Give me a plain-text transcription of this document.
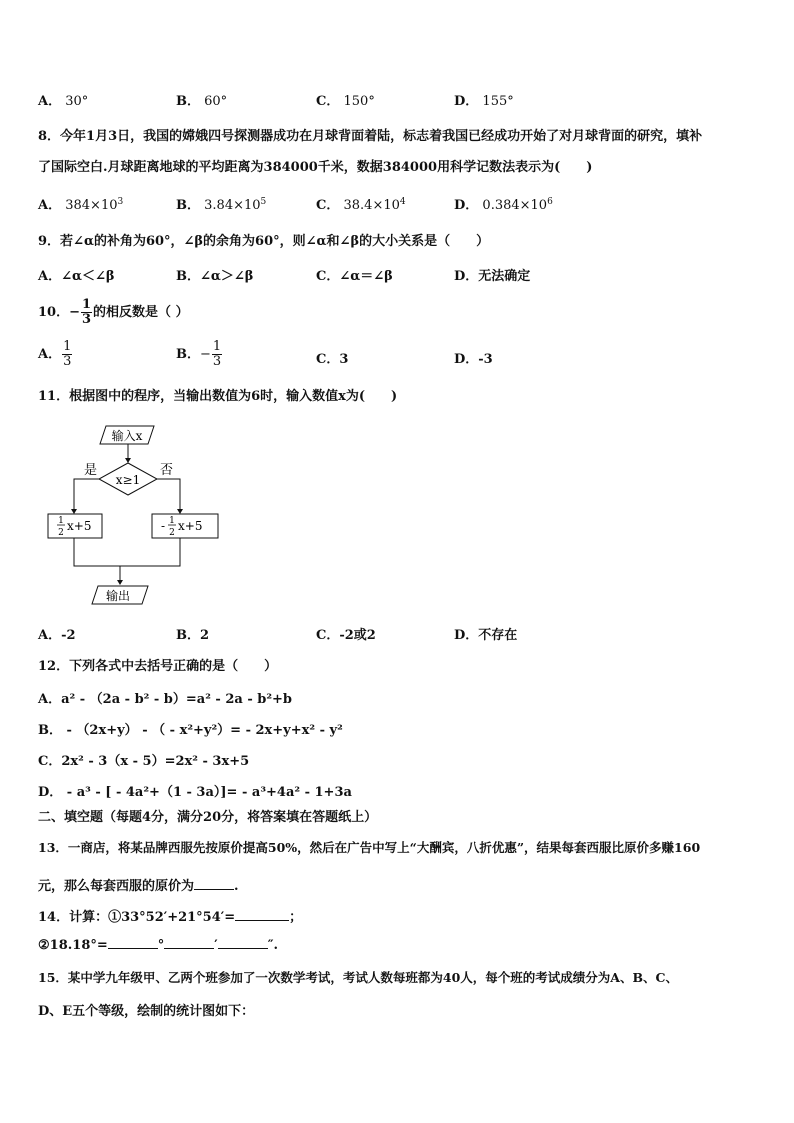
A． 30°	B． 60°	C． 150°	D． 155°
8．今年1月3日，我国的嫦娥四号探测器成功在月球背面着陆，标志着我国已经成功开始了对月球背面的研究，填补
了国际空白.月球距离地球的平均距离为384000千米，数据384000用科学记数法表示为(　　)
A． $384\times 10^3$	B． $3.84\times 10^5$	C． $38.4\times 10^4$	D． $0.384\times 10^6$
9．若∠α的补角为60°，∠β的余角为60°，则∠α和∠β的大小关系是（　　）
A．∠α＜∠β	B．∠α＞∠β	C．∠α＝∠β	D．无法确定
10．− $\frac{1}{3}$ 的相反数是（ ）
A． $\frac{1}{3}$	B．− $\frac{1}{3}$	C．3	D．-3
11．根据图中的程序，当输出数值为6时，输入数值x为(　　)
输入x
x≥1
是	否
1
2 x+5	- 1
2 x+5
输出
A．-2	B．2	C．-2或2	D．不存在
12．下列各式中去括号正确的是（　　）
A．a² - （2a - b² - b）=a² - 2a - b²+b
B． - （2x+y） - （ - x²+y²）= - 2x+y+x² - y²
C．2x² - 3（x - 5）=2x² - 3x+5
D． - a³ - [ - 4a²+（1 - 3a）]= - a³+4a² - 1+3a
二、填空题（每题4分，满分20分，将答案填在答题纸上）
13．一商店，将某品牌西服先按原价提高50%，然后在广告中写上“大酬宾，八折优惠”，结果每套西服比原价多赚160
元，那么每套西服的原价为	.
14．计算：①33°52′+21°54′=	；
②18.18°=	°	′	″.
15．某中学九年级甲、乙两个班参加了一次数学考试，考试人数每班都为40人，每个班的考试成绩分为A、B、C、
D、E五个等级，绘制的统计图如下：
